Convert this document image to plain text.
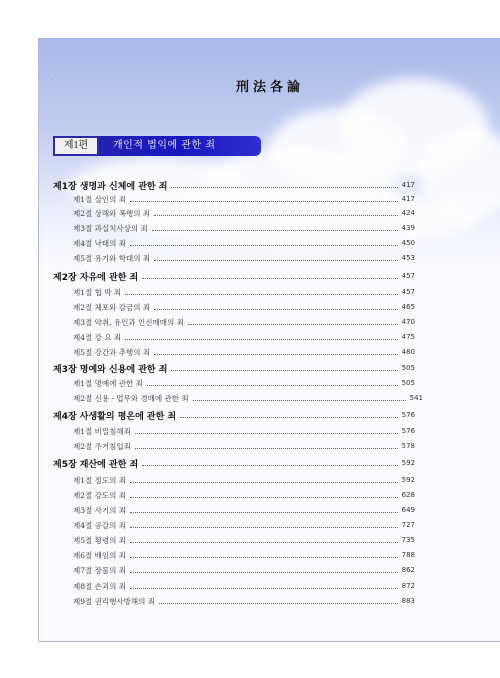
.
刑法各論
제1편	개인적 법익에 관한 죄
제1장 생명과 신체에 관한 죄	417
제1절 살인의 죄	417
제2절 상해와 폭행의 죄	424
제3절 과실치사상의 죄	439
제4절 낙태의 죄	450
제5절 유기와 학대의 죄	453
제2장 자유에 관한 죄	457
제1절 협 박 죄	457
제2절 체포와 감금의 죄	465
제3절 약취, 유인과 인신매매의 죄	470
제4절 강 요 죄	475
제5절 강간과 추행의 죄	480
제3장 명예와 신용에 관한 죄	505
제1절 명예에 관한 죄	505
제2절 신용 · 업무와 경매에 관한 죄	541
제4장 사생활의 평온에 관한 죄	576
제1절 비밀침해죄	576
제2절 주거침입죄	578
제5장 재산에 관한 죄	592
제1절 절도의 죄	592
제2절 강도의 죄	628
제3절 사기의 죄	649
제4절 공갈의 죄	727
제5절 횡령의 죄	735
제6절 배임의 죄	788
제7절 장물의 죄	862
제8절 손괴의 죄	872
제9절 권리행사방해의 죄	883
